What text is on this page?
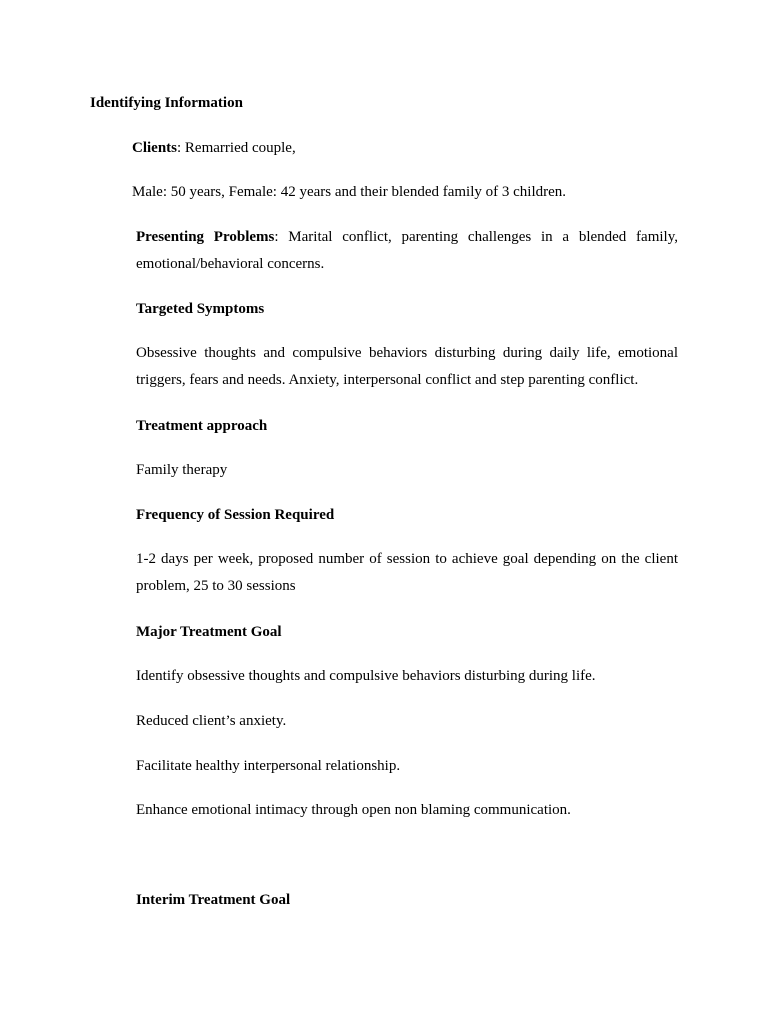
Identifying Information

Clients: Remarried couple,

Male: 50 years, Female: 42 years and their blended family of 3 children.

Presenting Problems: Marital conflict, parenting challenges in a blended family, emotional/behavioral concerns.

Targeted Symptoms

Obsessive thoughts and compulsive behaviors disturbing during daily life, emotional triggers, fears and needs. Anxiety, interpersonal conflict and step parenting conflict.

Treatment approach

Family therapy

Frequency of Session Required

1-2 days per week, proposed number of session to achieve goal depending on the client problem, 25 to 30 sessions

Major Treatment Goal

Identify obsessive thoughts and compulsive behaviors disturbing during life.

Reduced client’s anxiety.

Facilitate healthy interpersonal relationship.

Enhance emotional intimacy through open non blaming communication.

Interim Treatment Goal
